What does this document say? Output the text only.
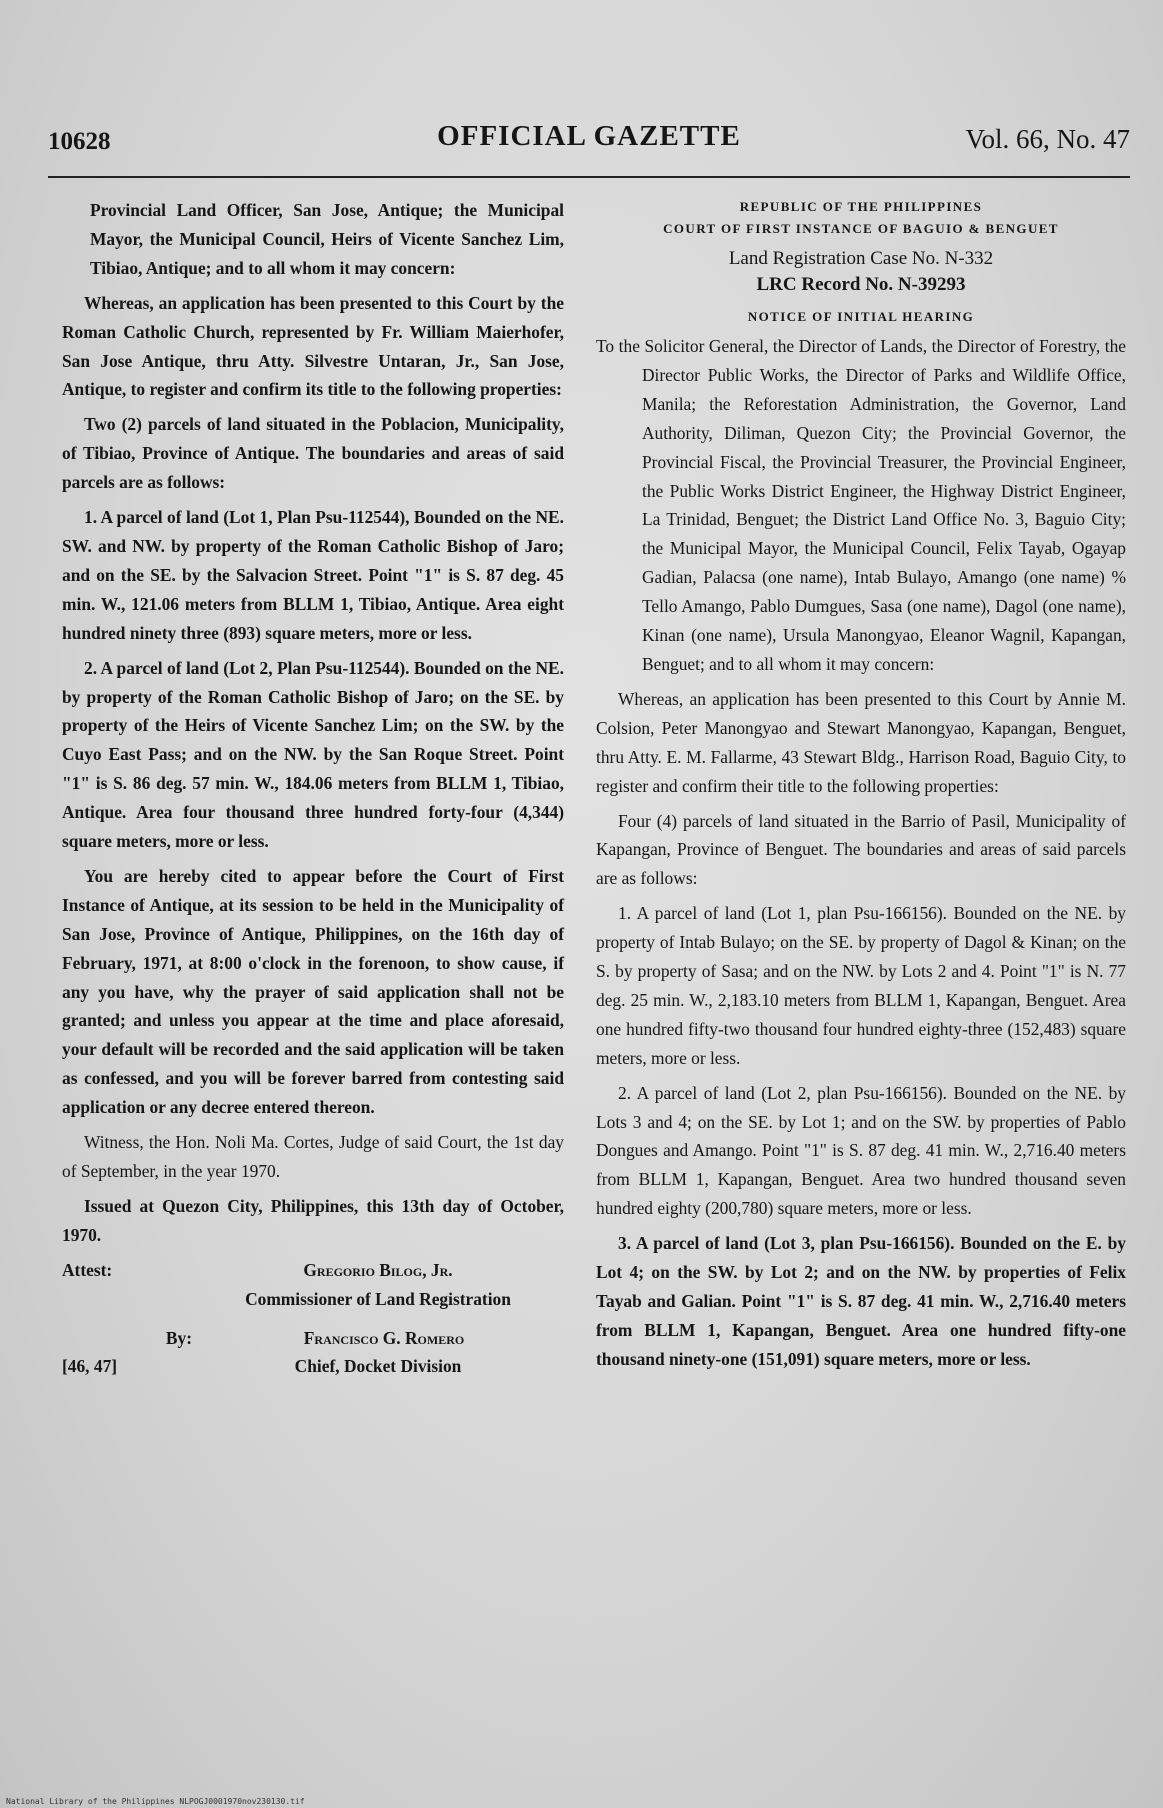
10628	OFFICIAL GAZETTE	Vol. 66, No. 47

Provincial Land Officer, San Jose, Antique; the Municipal Mayor, the Municipal Council, Heirs of Vicente Sanchez Lim, Tibiao, Antique; and to all whom it may concern:

Whereas, an application has been presented to this Court by the Roman Catholic Church, represented by Fr. William Maierhofer, San Jose Antique, thru Atty. Silvestre Untaran, Jr., San Jose, Antique, to register and confirm its title to the following properties:

Two (2) parcels of land situated in the Poblacion, Municipality, of Tibiao, Province of Antique. The boundaries and areas of said parcels are as follows:

1. A parcel of land (Lot 1, Plan Psu-112544), Bounded on the NE. SW. and NW. by property of the Roman Catholic Bishop of Jaro; and on the SE. by the Salvacion Street. Point "1" is S. 87 deg. 45 min. W., 121.06 meters from BLLM 1, Tibiao, Antique. Area eight hundred ninety three (893) square meters, more or less.

2. A parcel of land (Lot 2, Plan Psu-112544). Bounded on the NE. by property of the Roman Catholic Bishop of Jaro; on the SE. by property of the Heirs of Vicente Sanchez Lim; on the SW. by the Cuyo East Pass; and on the NW. by the San Roque Street. Point "1" is S. 86 deg. 57 min. W., 184.06 meters from BLLM 1, Tibiao, Antique. Area four thousand three hundred forty-four (4,344) square meters, more or less.

You are hereby cited to appear before the Court of First Instance of Antique, at its session to be held in the Municipality of San Jose, Province of Antique, Philippines, on the 16th day of February, 1971, at 8:00 o'clock in the forenoon, to show cause, if any you have, why the prayer of said application shall not be granted; and unless you appear at the time and place aforesaid, your default will be recorded and the said application will be taken as confessed, and you will be forever barred from contesting said application or any decree entered thereon.

Witness, the Hon. Noli Ma. Cortes, Judge of said Court, the 1st day of September, in the year 1970.

Issued at Quezon City, Philippines, this 13th day of October, 1970.

Attest:	Gregorio Bilog, Jr.
Commissioner of Land Registration
By:	Francisco G. Romero
[46, 47]	Chief, Docket Division

REPUBLIC OF THE PHILIPPINES

COURT OF FIRST INSTANCE OF BAGUIO & BENGUET

Land Registration Case No. N-332

LRC Record No. N-39293

NOTICE OF INITIAL HEARING

To the Solicitor General, the Director of Lands, the Director of Forestry, the Director Public Works, the Director of Parks and Wildlife Office, Manila; the Reforestation Administration, the Governor, Land Authority, Diliman, Quezon City; the Provincial Governor, the Provincial Fiscal, the Provincial Treasurer, the Provincial Engineer, the Public Works District Engineer, the Highway District Engineer, La Trinidad, Benguet; the District Land Office No. 3, Baguio City; the Municipal Mayor, the Municipal Council, Felix Tayab, Ogayap Gadian, Palacsa (one name), Intab Bulayo, Amango (one name) % Tello Amango, Pablo Dumgues, Sasa (one name), Dagol (one name), Kinan (one name), Ursula Manongyao, Eleanor Wagnil, Kapangan, Benguet; and to all whom it may concern:

Whereas, an application has been presented to this Court by Annie M. Colsion, Peter Manongyao and Stewart Manongyao, Kapangan, Benguet, thru Atty. E. M. Fallarme, 43 Stewart Bldg., Harrison Road, Baguio City, to register and confirm their title to the following properties:

Four (4) parcels of land situated in the Barrio of Pasil, Municipality of Kapangan, Province of Benguet. The boundaries and areas of said parcels are as follows:

1. A parcel of land (Lot 1, plan Psu-166156). Bounded on the NE. by property of Intab Bulayo; on the SE. by property of Dagol & Kinan; on the S. by property of Sasa; and on the NW. by Lots 2 and 4. Point "1" is N. 77 deg. 25 min. W., 2,183.10 meters from BLLM 1, Kapangan, Benguet. Area one hundred fifty-two thousand four hundred eighty-three (152,483) square meters, more or less.

2. A parcel of land (Lot 2, plan Psu-166156). Bounded on the NE. by Lots 3 and 4; on the SE. by Lot 1; and on the SW. by properties of Pablo Dongues and Amango. Point "1" is S. 87 deg. 41 min. W., 2,716.40 meters from BLLM 1, Kapangan, Benguet. Area two hundred thousand seven hundred eighty (200,780) square meters, more or less.

3. A parcel of land (Lot 3, plan Psu-166156). Bounded on the E. by Lot 4; on the SW. by Lot 2; and on the NW. by properties of Felix Tayab and Galian. Point "1" is S. 87 deg. 41 min. W., 2,716.40 meters from BLLM 1, Kapangan, Benguet. Area one hundred fifty-one thousand ninety-one (151,091) square meters, more or less.

National Library of the Philippines NLPOGJ0001970nov230130.tif
